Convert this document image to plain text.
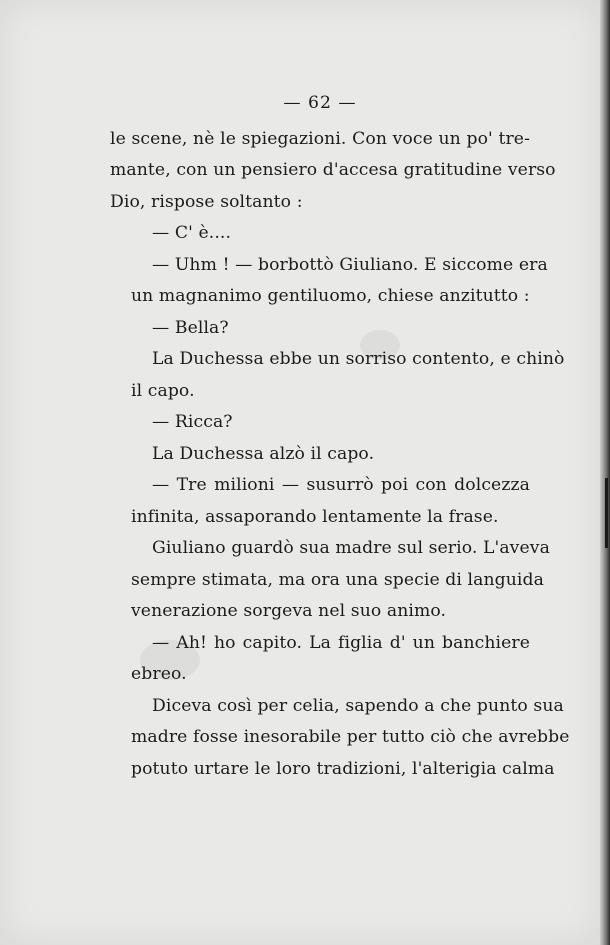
— 62 —
le scene, nè le spiegazioni. Con voce un po' tre-
mante, con un pensiero d'accesa gratitudine verso
Dio, rispose soltanto :
— C' è....
— Uhm ! — borbottò Giuliano. E siccome era
un magnanimo gentiluomo, chiese anzitutto :
— Bella?
La Duchessa ebbe un sorriso contento, e chinò
il capo.
— Ricca?
La Duchessa alzò il capo.
— Tre milioni — susurrò poi con dolcezza
infinita, assaporando lentamente la frase.
Giuliano guardò sua madre sul serio. L'aveva
sempre stimata, ma ora una specie di languida
venerazione sorgeva nel suo animo.
— Ah! ho capito. La figlia d' un banchiere
ebreo.
Diceva così per celia, sapendo a che punto sua
madre fosse inesorabile per tutto ciò che avrebbe
potuto urtare le loro tradizioni, l'alterigia calma
